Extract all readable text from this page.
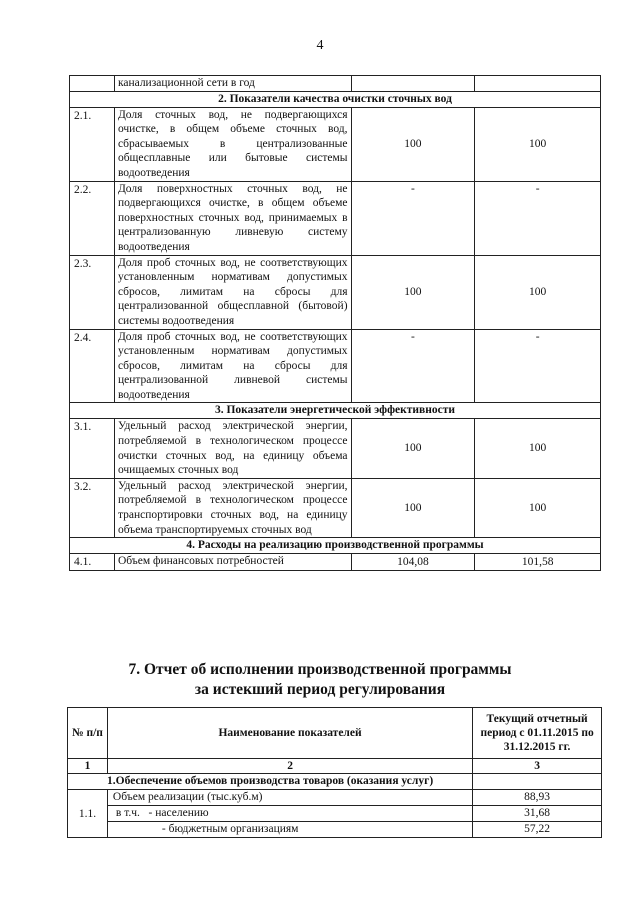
4
	канализационной сети в год		
2. Показатели качества очистки сточных вод			
2.1.	Доля сточных вод, не подвергающихся очистке, в общем объеме сточных вод, сбрасываемых в централизованные общесплавные или бытовые системы водоотведения	100	100
2.2.	Доля поверхностных сточных вод, не подвергающихся очистке, в общем объеме поверхностных сточных вод, принимаемых в централизованную ливневую систему водоотведения	-	-
2.3.	Доля проб сточных вод, не соответствующих установленным нормативам допустимых сбросов, лимитам на сбросы для централизованной общесплавной (бытовой) системы водоотведения	100	100
2.4.	Доля проб сточных вод, не соответствующих установленным нормативам допустимых сбросов, лимитам на сбросы для централизованной ливневой системы водоотведения	-	-
3. Показатели энергетической эффективности			
3.1.	Удельный расход электрической энергии, потребляемой в технологическом процессе очистки сточных вод, на единицу объема очищаемых сточных вод	100	100
3.2.	Удельный расход электрической энергии, потребляемой в технологическом процессе транспортировки сточных вод, на единицу объема транспортируемых сточных вод	100	100
4. Расходы на реализацию производственной программы			
4.1.	Объем финансовых потребностей	104,08	101,58
7. Отчет об исполнении производственной программы
за истекший период регулирования
№ п/п	Наименование показателей	Текущий отчетный период с 01.11.2015 по 31.12.2015 гг.
1	2	3
1.Обеспечение объемов производства товаров (оказания услуг)		
1.1.	Объем реализации (тыс.куб.м)	88,93
	в т.ч.   - населению	31,68
	- бюджетным организациям	57,22
